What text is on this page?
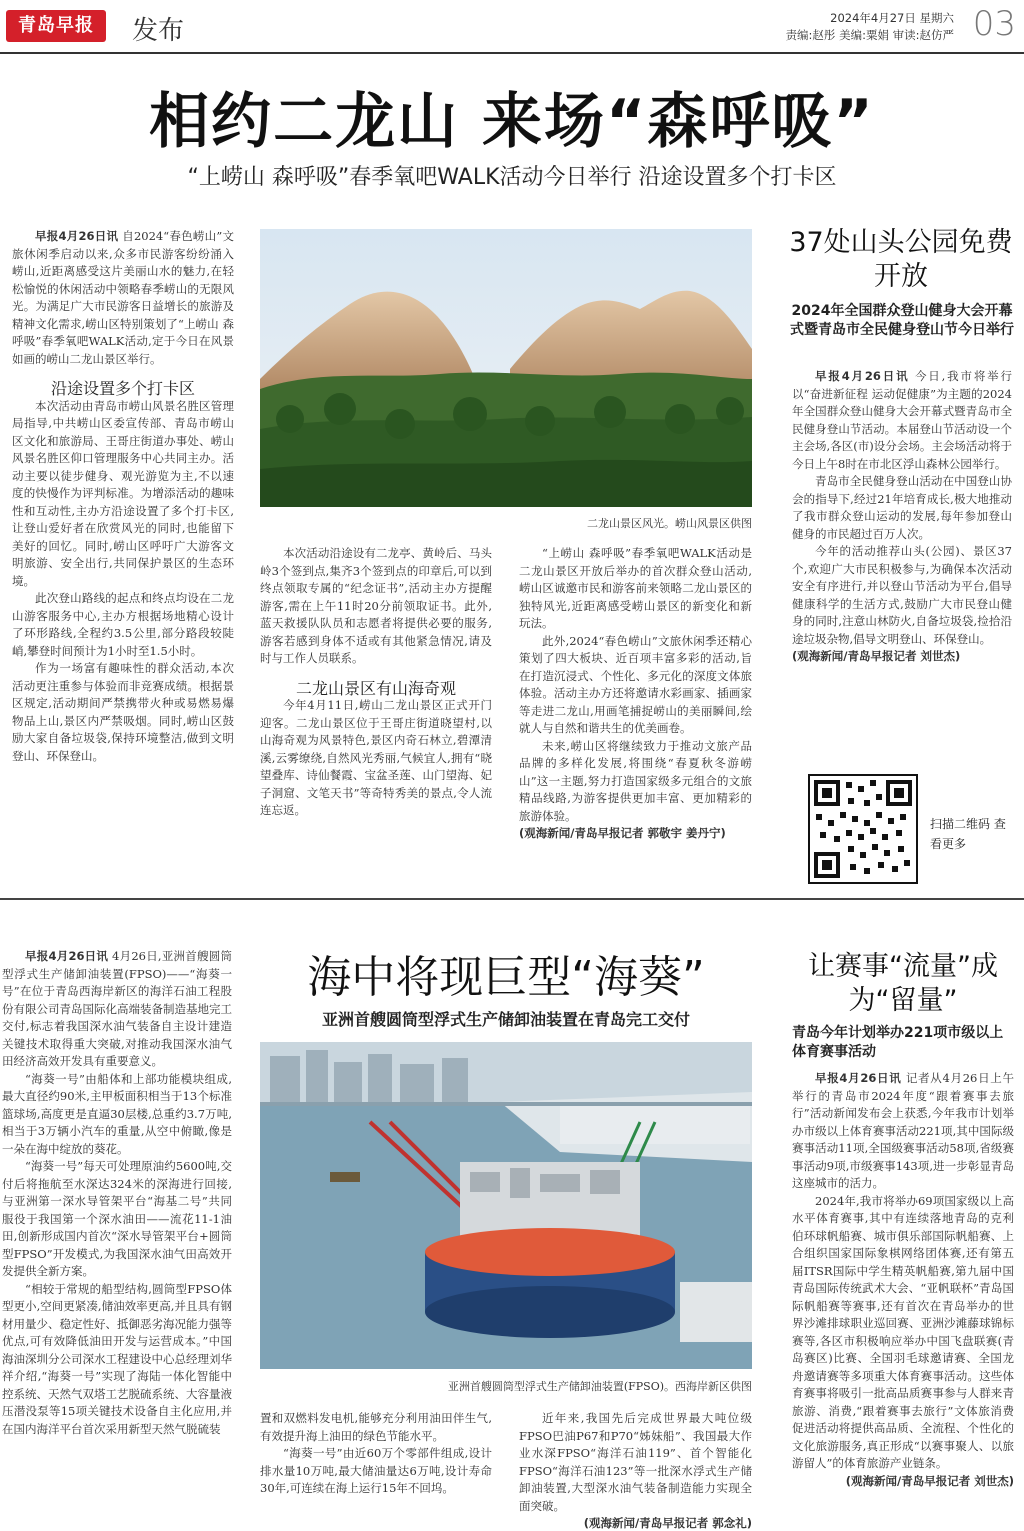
青岛早报	发布	2024年4月27日 星期六
责编:赵彤 美编:粟娟 审读:赵仿严 03
相约二龙山 来场“森呼吸”
“上崂山 森呼吸”春季氧吧WALK活动今日举行 沿途设置多个打卡区

早报4月26日讯 自2024“春色崂山”文旅休闲季启动以来,众多市民游客纷纷涌入崂山,近距离感受这片美丽山水的魅力,在轻松愉悦的休闲活动中领略春季崂山的无限风光。为满足广大市民游客日益增长的旅游及精神文化需求,崂山区特别策划了“上崂山 森呼吸”春季氧吧WALK活动,定于今日在风景如画的崂山二龙山景区举行。

沿途设置多个打卡区

本次活动由青岛市崂山风景名胜区管理局指导,中共崂山区委宣传部、青岛市崂山区文化和旅游局、王哥庄街道办事处、崂山风景名胜区仰口管理服务中心共同主办。活动主要以徒步健身、观光游览为主,不以速度的快慢作为评判标准。为增添活动的趣味性和互动性,主办方沿途设置了多个打卡区,让登山爱好者在欣赏风光的同时,也能留下美好的回忆。同时,崂山区呼吁广大游客文明旅游、安全出行,共同保护景区的生态环境。

此次登山路线的起点和终点均设在二龙山游客服务中心,主办方根据场地精心设计了环形路线,全程约3.5公里,部分路段较陡峭,攀登时间预计为1小时至1.5小时。

作为一场富有趣味性的群众活动,本次活动更注重参与体验而非竞赛成绩。根据景区规定,活动期间严禁携带火种或易燃易爆物品上山,景区内严禁吸烟。同时,崂山区鼓励大家自备垃圾袋,保持环境整洁,做到文明登山、环保登山。

二龙山景区风光。崂山风景区供图

本次活动沿途设有二龙亭、黄岭后、马头岭3个签到点,集齐3个签到点的印章后,可以到终点领取专属的“纪念证书”,活动主办方提醒游客,需在上午11时20分前领取证书。此外,蓝天救援队队员和志愿者将提供必要的服务,游客若感到身体不适或有其他紧急情况,请及时与工作人员联系。

二龙山景区有山海奇观

今年4月11日,崂山二龙山景区正式开门迎客。二龙山景区位于王哥庄街道晓望村,以山海奇观为风景特色,景区内奇石林立,碧潭清溪,云雾缭绕,自然风光秀丽,气候宜人,拥有“晓望叠库、诗仙餐霞、宝盆圣莲、山门望海、妃子洞窟、文笔天书”等奇特秀美的景点,令人流连忘返。

“上崂山 森呼吸”春季氧吧WALK活动是二龙山景区开放后举办的首次群众登山活动,崂山区诚邀市民和游客前来领略二龙山景区的独特风光,近距离感受崂山景区的新变化和新玩法。

此外,2024“春色崂山”文旅休闲季还精心策划了四大板块、近百项丰富多彩的活动,旨在打造沉浸式、个性化、多元化的深度文体旅体验。活动主办方还将邀请水彩画家、插画家等走进二龙山,用画笔捕捉崂山的美丽瞬间,绘就人与自然和谐共生的优美画卷。

未来,崂山区将继续致力于推动文旅产品品牌的多样化发展,将围绕“春夏秋冬游崂山”这一主题,努力打造国家级多元组合的文旅精品线路,为游客提供更加丰富、更加精彩的旅游体验。

(观海新闻/青岛早报记者 郭敬宇 姜丹宁)

37处山头公园免费开放
2024年全国群众登山健身大会开幕式暨青岛市全民健身登山节今日举行

早报4月26日讯 今日,我市将举行以“奋进新征程 运动促健康”为主题的2024年全国群众登山健身大会开幕式暨青岛市全民健身登山节活动。本届登山节活动设一个主会场,各区(市)设分会场。主会场活动将于今日上午8时在市北区浮山森林公园举行。

青岛市全民健身登山活动在中国登山协会的指导下,经过21年培育成长,极大地推动了我市群众登山运动的发展,每年参加登山健身的市民超过百万人次。

今年的活动推荐山头(公园)、景区37个,欢迎广大市民积极参与,为确保本次活动安全有序进行,并以登山节活动为平台,倡导健康科学的生活方式,鼓励广大市民登山健身的同时,注意山林防火,自备垃圾袋,捡拾沿途垃圾杂物,倡导文明登山、环保登山。

(观海新闻/青岛早报记者 刘世杰)

扫描二维码 查看更多

早报4月26日讯 4月26日,亚洲首艘圆筒型浮式生产储卸油装置(FPSO)——“海葵一号”在位于青岛西海岸新区的海洋石油工程股份有限公司青岛国际化高端装备制造基地完工交付,标志着我国深水油气装备自主设计建造关键技术取得重大突破,对推动我国深水油气田经济高效开发具有重要意义。

“海葵一号”由船体和上部功能模块组成,最大直径约90米,主甲板面积相当于13个标准篮球场,高度更是直逼30层楼,总重约3.7万吨,相当于3万辆小汽车的重量,从空中俯瞰,像是一朵在海中绽放的葵花。

“海葵一号”每天可处理原油约5600吨,交付后将拖航至水深达324米的深海进行回接,与亚洲第一深水导管架平台“海基二号”共同服役于我国第一个深水油田——流花11-1油田,创新形成国内首次“深水导管架平台+圆筒型FPSO”开发模式,为我国深水油气田高效开发提供全新方案。

“相较于常规的船型结构,圆筒型FPSO体型更小,空间更紧凑,储油效率更高,并且具有钢材用量少、稳定性好、抵御恶劣海况能力强等优点,可有效降低油田开发与运营成本。”中国海油深圳分公司深水工程建设中心总经理刘华祥介绍,“海葵一号”实现了海陆一体化智能中控系统、天然气双塔工艺脱硫系统、大容量液压潜没泵等15项关键技术设备自主化应用,并在国内海洋平台首次采用新型天然气脱硫装

海中将现巨型“海葵”
亚洲首艘圆筒型浮式生产储卸油装置在青岛完工交付
亚洲首艘圆筒型浮式生产储卸油装置(FPSO)。西海岸新区供图

置和双燃料发电机,能够充分利用油田伴生气,有效提升海上油田的绿色节能水平。

“海葵一号”由近60万个零部件组成,设计排水量10万吨,最大储油量达6万吨,设计寿命30年,可连续在海上运行15年不回坞。

近年来,我国先后完成世界最大吨位级FPSO巴油P67和P70“姊妹船”、我国最大作业水深FPSO“海洋石油119”、首个智能化FPSO“海洋石油123”等一批深水浮式生产储卸油装置,大型深水油气装备制造能力实现全面突破。

(观海新闻/青岛早报记者 郭念礼)

让赛事“流量”成为“留量”
青岛今年计划举办221项市级以上体育赛事活动

早报4月26日讯 记者从4月26日上午举行的青岛市2024年度“跟着赛事去旅行”活动新闻发布会上获悉,今年我市计划举办市级以上体育赛事活动221项,其中国际级赛事活动11项,全国级赛事活动58项,省级赛事活动9项,市级赛事143项,进一步彰显青岛这座城市的活力。

2024年,我市将举办69项国家级以上高水平体育赛事,其中有连续落地青岛的克利伯环球帆船赛、城市俱乐部国际帆船赛、上合组织国家国际象棋网络团体赛,还有第五届ITSR国际中学生精英帆船赛,第九届中国青岛国际传统武术大会、“亚帆联杯”青岛国际帆船赛等赛事,还有首次在青岛举办的世界沙滩排球职业巡回赛、亚洲沙滩藤球锦标赛等,各区市积极响应举办中国飞盘联赛(青岛赛区)比赛、全国羽毛球邀请赛、全国龙舟邀请赛等多项重大体育赛事活动。这些体育赛事将吸引一批高品质赛事参与人群来青旅游、消费,“跟着赛事去旅行”文体旅消费促进活动将提供高品质、全流程、个性化的文化旅游服务,真正形成“以赛事聚人、以旅游留人”的体育旅游产业链条。

(观海新闻/青岛早报记者 刘世杰)
